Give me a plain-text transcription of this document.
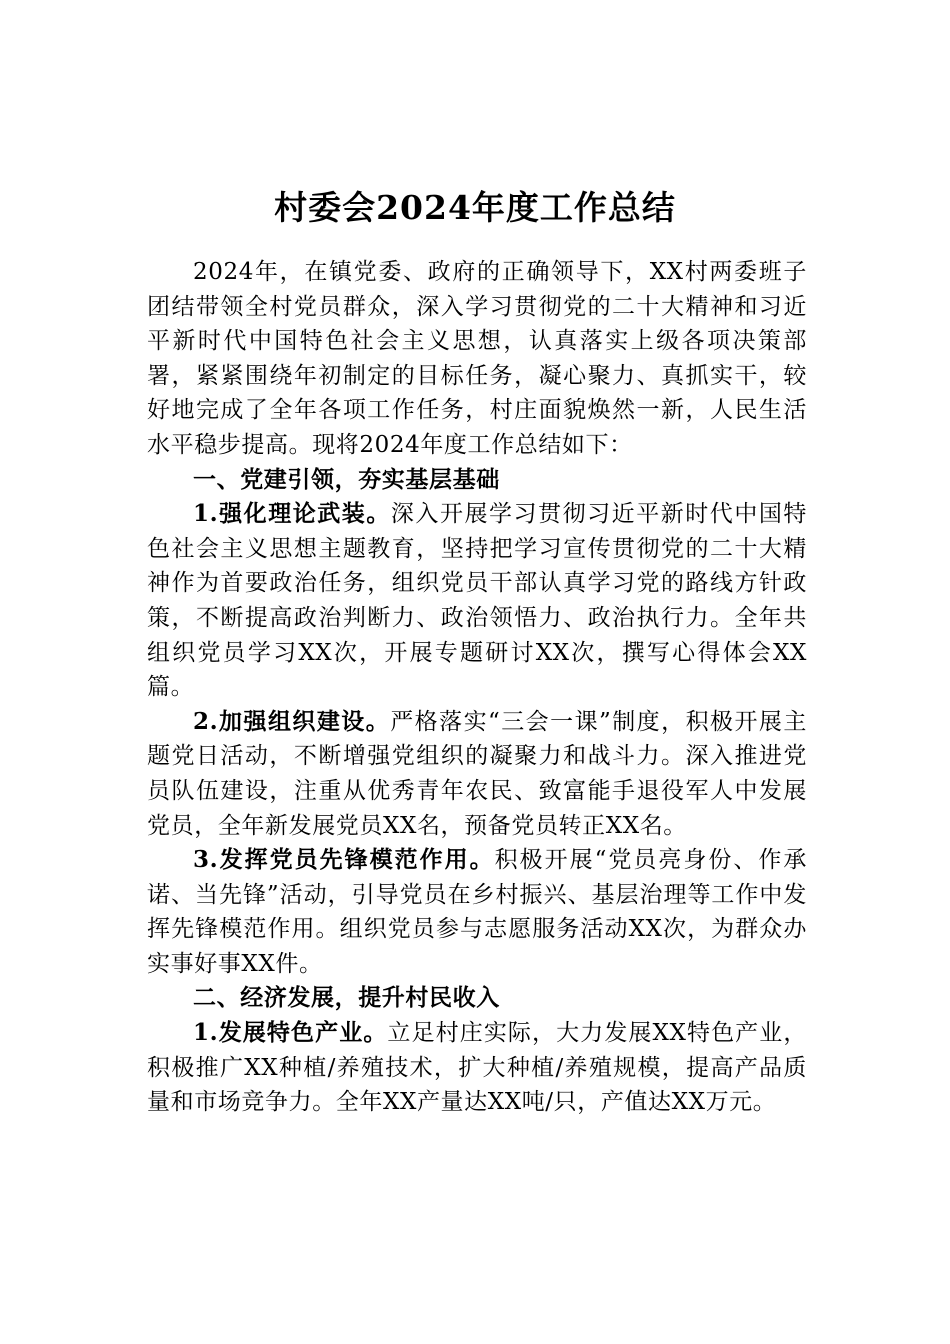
村委会2024年度工作总结

2024年，在镇党委、政府的正确领导下，XX村两委班子团结带领全村党员群众，深入学习贯彻党的二十大精神和习近平新时代中国特色社会主义思想，认真落实上级各项决策部署，紧紧围绕年初制定的目标任务，凝心聚力、真抓实干，较好地完成了全年各项工作任务，村庄面貌焕然一新，人民生活水平稳步提高。现将2024年度工作总结如下：

一、党建引领，夯实基层基础

1.强化理论武装。深入开展学习贯彻习近平新时代中国特色社会主义思想主题教育，坚持把学习宣传贯彻党的二十大精神作为首要政治任务，组织党员干部认真学习党的路线方针政策，不断提高政治判断力、政治领悟力、政治执行力。全年共组织党员学习XX次，开展专题研讨XX次，撰写心得体会XX篇。

2.加强组织建设。严格落实“三会一课”制度，积极开展主题党日活动，不断增强党组织的凝聚力和战斗力。深入推进党员队伍建设，注重从优秀青年农民、致富能手退役军人中发展党员，全年新发展党员XX名，预备党员转正XX名。

3.发挥党员先锋模范作用。积极开展“党员亮身份、作承诺、当先锋”活动，引导党员在乡村振兴、基层治理等工作中发挥先锋模范作用。组织党员参与志愿服务活动XX次，为群众办实事好事XX件。

二、经济发展，提升村民收入

1.发展特色产业。立足村庄实际，大力发展XX特色产业，积极推广XX种植/养殖技术，扩大种植/养殖规模，提高产品质量和市场竞争力。全年XX产量达XX吨/只，产值达XX万元。
